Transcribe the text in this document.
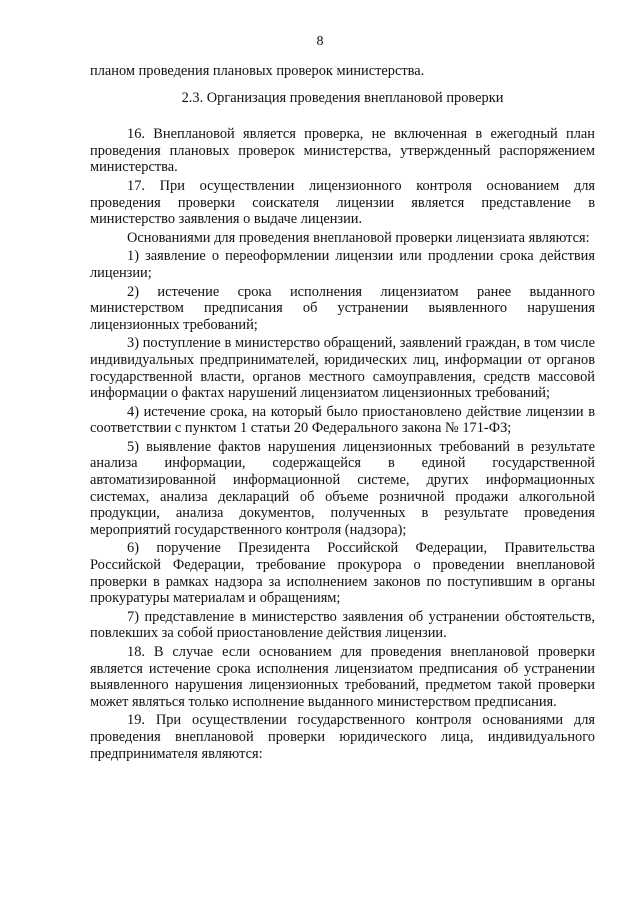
8

планом проведения плановых проверок министерства.

2.3. Организация проведения внеплановой проверки

16. Внеплановой является проверка, не включенная в ежегодный план проведения плановых проверок министерства, утвержденный распоряжением министерства.

17. При осуществлении лицензионного контроля основанием для проведения проверки соискателя лицензии является представление в министерство заявления о выдаче лицензии.

Основаниями для проведения внеплановой проверки лицензиата являются:

1) заявление о переоформлении лицензии или продлении срока действия лицензии;

2) истечение срока исполнения лицензиатом ранее выданного министерством предписания об устранении выявленного нарушения лицензионных требований;

3) поступление в министерство обращений, заявлений граждан, в том числе индивидуальных предпринимателей, юридических лиц, информации от органов государственной власти, органов местного самоуправления, средств массовой информации о фактах нарушений лицензиатом лицензионных требований;

4) истечение срока, на который было приостановлено действие лицензии в соответствии с пунктом 1 статьи 20 Федерального закона № 171-ФЗ;

5) выявление фактов нарушения лицензионных требований в результате анализа информации, содержащейся в единой государственной автоматизированной информационной системе, других информационных системах, анализа деклараций об объеме розничной продажи алкогольной продукции, анализа документов, полученных в результате проведения мероприятий государственного контроля (надзора);

6) поручение Президента Российской Федерации, Правительства Российской Федерации, требование прокурора о проведении внеплановой проверки в рамках надзора за исполнением законов по поступившим в органы прокуратуры материалам и обращениям;

7) представление в министерство заявления об устранении обстоятельств, повлекших за собой приостановление действия лицензии.

18. В случае если основанием для проведения внеплановой проверки является истечение срока исполнения лицензиатом предписания об устранении выявленного нарушения лицензионных требований, предметом такой проверки может являться только исполнение выданного министерством предписания.

19. При осуществлении государственного контроля основаниями для проведения внеплановой проверки юридического лица, индивидуального предпринимателя являются:
